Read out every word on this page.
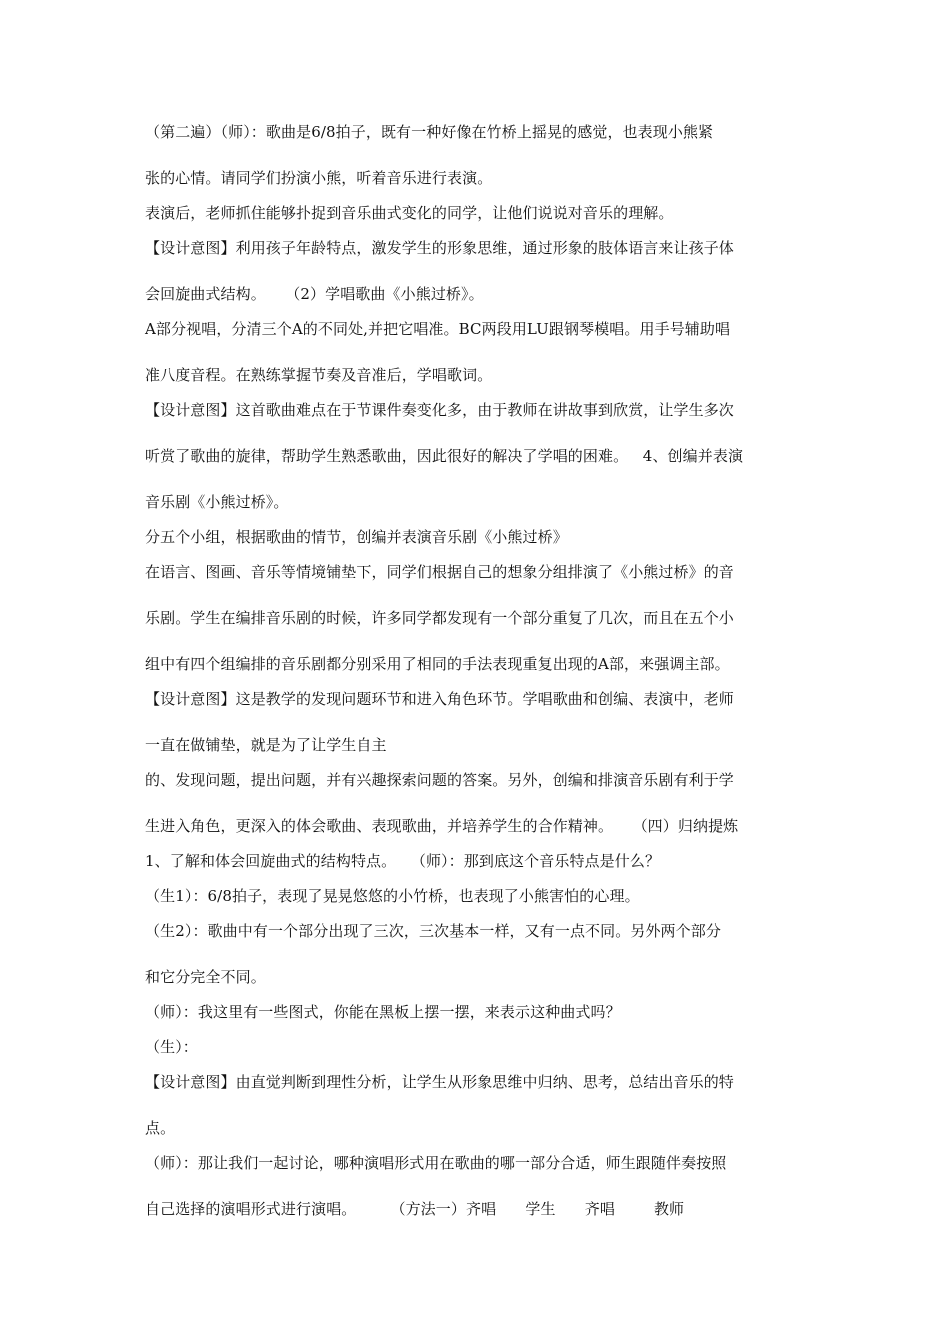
（第二遍）（师）：歌曲是6/8拍子，既有一种好像在竹桥上摇晃的感觉，也表现小熊紧
张的心情。请同学们扮演小熊，听着音乐进行表演。
表演后，老师抓住能够扑捉到音乐曲式变化的同学，让他们说说对音乐的理解。
【设计意图】利用孩子年龄特点，激发学生的形象思维，通过形象的肢体语言来让孩子体
会回旋曲式结构。    （2）学唱歌曲《小熊过桥》。
A部分视唱，分清三个A的不同处,并把它唱准。BC两段用LU跟钢琴模唱。用手号辅助唱
准八度音程。在熟练掌握节奏及音准后，学唱歌词。
【设计意图】这首歌曲难点在于节课件奏变化多，由于教师在讲故事到欣赏，让学生多次
听赏了歌曲的旋律，帮助学生熟悉歌曲，因此很好的解决了学唱的困难。   4、创编并表演
音乐剧《小熊过桥》。
分五个小组，根据歌曲的情节，创编并表演音乐剧《小熊过桥》
在语言、图画、音乐等情境铺垫下，同学们根据自己的想象分组排演了《小熊过桥》的音
乐剧。学生在编排音乐剧的时候，许多同学都发现有一个部分重复了几次，而且在五个小
组中有四个组编排的音乐剧都分别采用了相同的手法表现重复出现的A部，来强调主部。
【设计意图】这是教学的发现问题环节和进入角色环节。学唱歌曲和创编、表演中，老师
一直在做铺垫，就是为了让学生自主
的、发现问题，提出问题，并有兴趣探索问题的答案。另外，创编和排演音乐剧有利于学
生进入角色，更深入的体会歌曲、表现歌曲，并培养学生的合作精神。    （四）归纳提炼
1、了解和体会回旋曲式的结构特点。   （师）：那到底这个音乐特点是什么？
（生1）：6/8拍子，表现了晃晃悠悠的小竹桥，也表现了小熊害怕的心理。
（生2）：歌曲中有一个部分出现了三次，三次基本一样，又有一点不同。另外两个部分
和它分完全不同。
（师）：我这里有一些图式，你能在黑板上摆一摆，来表示这种曲式吗？
（生）：
【设计意图】由直觉判断到理性分析，让学生从形象思维中归纳、思考，总结出音乐的特
点。
（师）：那让我们一起讨论，哪种演唱形式用在歌曲的哪一部分合适，师生跟随伴奏按照
自己选择的演唱形式进行演唱。       （方法一）齐唱      学生      齐唱        教师
